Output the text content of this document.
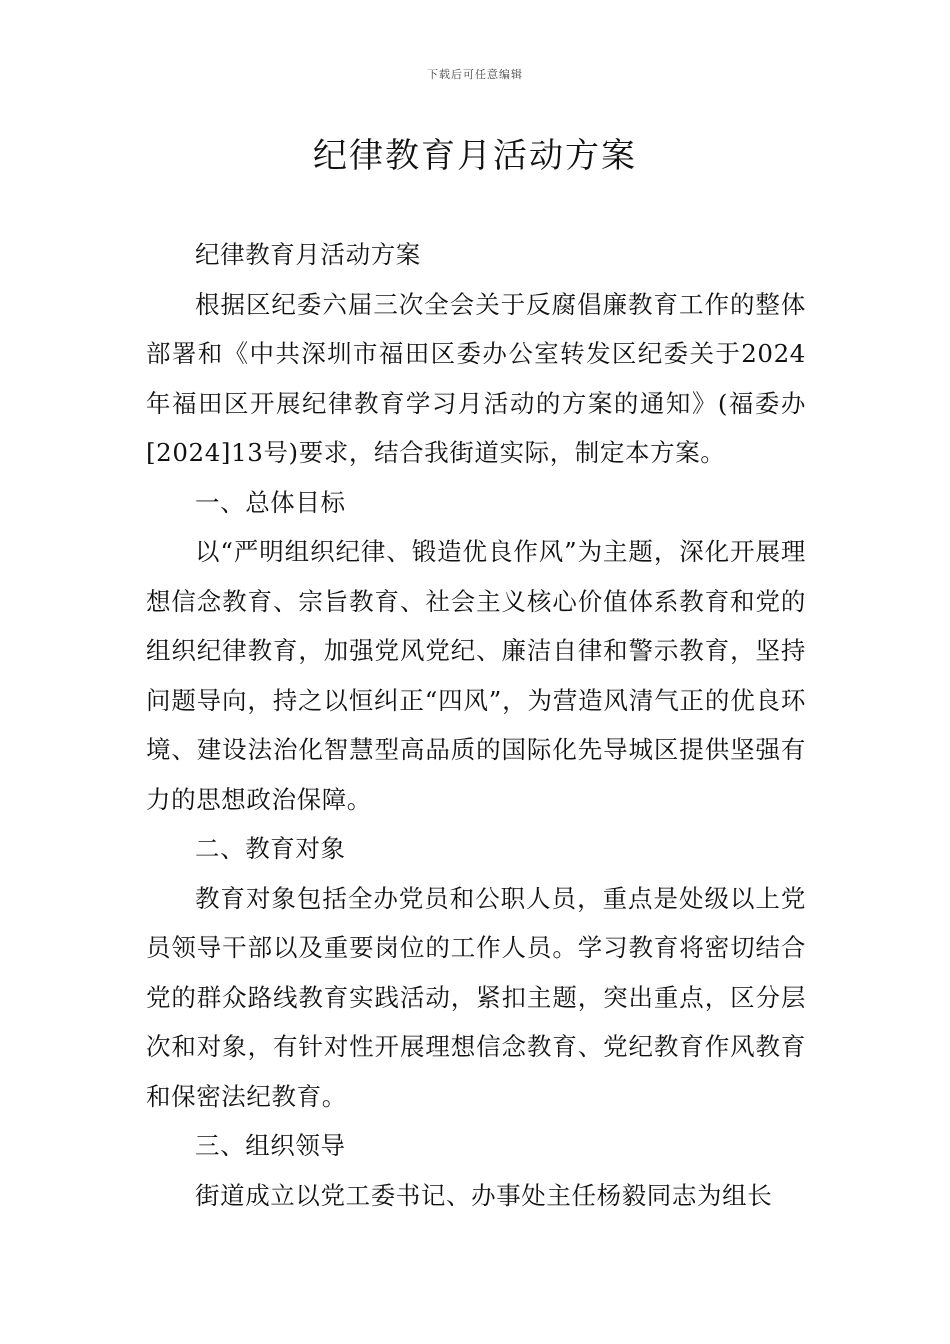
下载后可任意编辑
纪律教育月活动方案

纪律教育月活动方案

根据区纪委六届三次全会关于反腐倡廉教育工作的整体部署和《中共深圳市福田区委办公室转发区纪委关于2024年福田区开展纪律教育学习月活动的方案的通知》(福委办[2024]13号)要求，结合我街道实际，制定本方案。

一、总体目标

以“严明组织纪律、锻造优良作风”为主题，深化开展理想信念教育、宗旨教育、社会主义核心价值体系教育和党的组织纪律教育，加强党风党纪、廉洁自律和警示教育，坚持问题导向，持之以恒纠正“四风”，为营造风清气正的优良环境、建设法治化智慧型高品质的国际化先导城区提供坚强有力的思想政治保障。

二、教育对象

教育对象包括全办党员和公职人员，重点是处级以上党员领导干部以及重要岗位的工作人员。学习教育将密切结合党的群众路线教育实践活动，紧扣主题，突出重点，区分层次和对象，有针对性开展理想信念教育、党纪教育作风教育和保密法纪教育。

三、组织领导

街道成立以党工委书记、办事处主任杨毅同志为组长
